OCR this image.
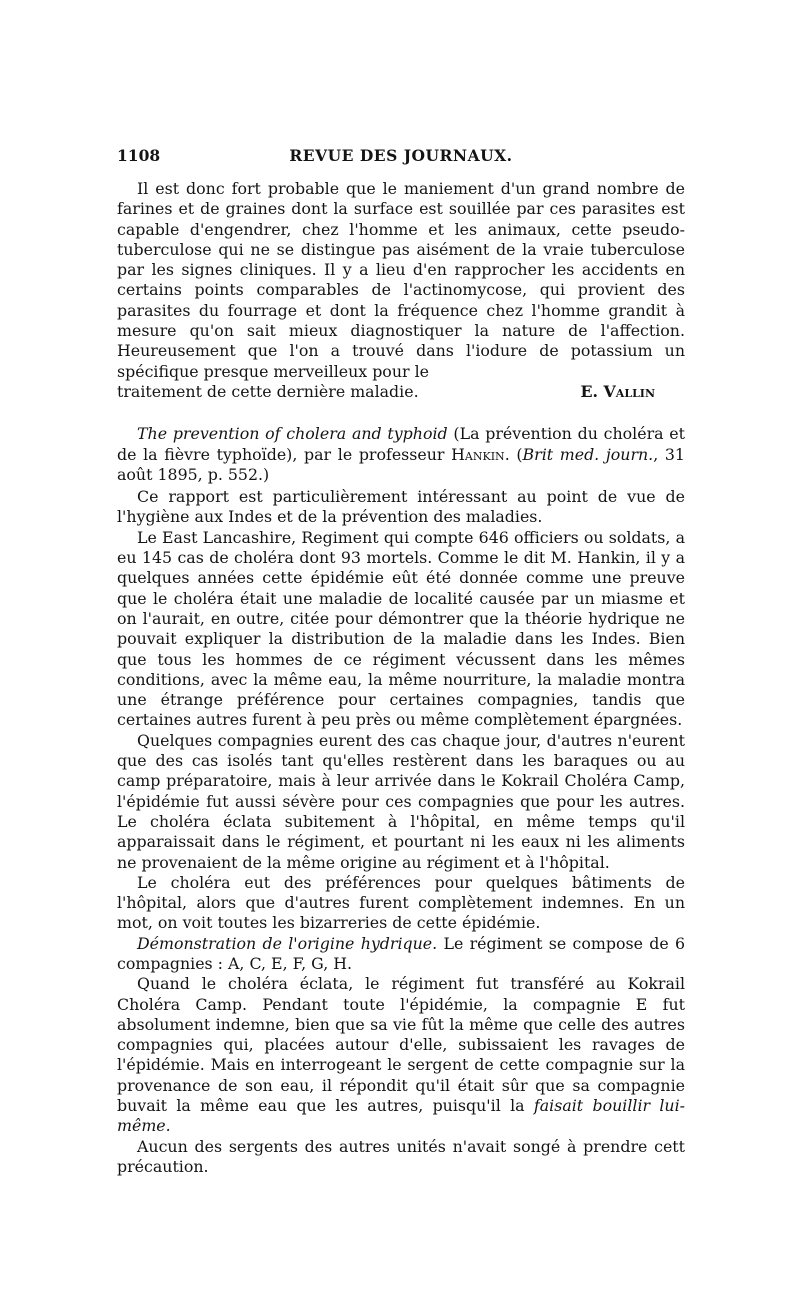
1108	REVUE DES JOURNAUX.

Il est donc fort probable que le maniement d'un grand nombre de farines et de graines dont la surface est souillée par ces parasites est capable d'engendrer, chez l'homme et les animaux, cette pseudo-tuberculose qui ne se distingue pas aisément de la vraie tuberculose par les signes cliniques. Il y a lieu d'en rapprocher les accidents en certains points comparables de l'actinomycose, qui provient des parasites du fourrage et dont la fréquence chez l'homme grandit à mesure qu'on sait mieux diagnostiquer la nature de l'affection. Heureusement que l'on a trouvé dans l'iodure de potassium un spécifique presque merveilleux pour le

traitement de cette dernière maladie.	E. Vallin

The prevention of cholera and typhoid (La prévention du choléra et de la fièvre typhoïde), par le professeur Hankin. (Brit med. journ., 31 août 1895, p. 552.)

Ce rapport est particulièrement intéressant au point de vue de l'hygiène aux Indes et de la prévention des maladies.

Le East Lancashire, Regiment qui compte 646 officiers ou soldats, a eu 145 cas de choléra dont 93 mortels. Comme le dit M. Hankin, il y a quelques années cette épidémie eût été donnée comme une preuve que le choléra était une maladie de localité causée par un miasme et on l'aurait, en outre, citée pour démontrer que la théorie hydrique ne pouvait expliquer la distribution de la maladie dans les Indes. Bien que tous les hommes de ce régiment vécussent dans les mêmes conditions, avec la même eau, la même nourriture, la maladie montra une étrange préférence pour certaines compagnies, tandis que certaines autres furent à peu près ou même complètement épargnées.

Quelques compagnies eurent des cas chaque jour, d'autres n'eurent que des cas isolés tant qu'elles restèrent dans les baraques ou au camp préparatoire, mais à leur arrivée dans le Kokrail Choléra Camp, l'épidémie fut aussi sévère pour ces compagnies que pour les autres. Le choléra éclata subitement à l'hôpital, en même temps qu'il apparaissait dans le régiment, et pourtant ni les eaux ni les aliments ne provenaient de la même origine au régiment et à l'hôpital.

Le choléra eut des préférences pour quelques bâtiments de l'hôpital, alors que d'autres furent complètement indemnes. En un mot, on voit toutes les bizarreries de cette épidémie.

Démonstration de l'origine hydrique. Le régiment se compose de 6 compagnies : A, C, E, F, G, H.

Quand le choléra éclata, le régiment fut transféré au Kokrail Choléra Camp. Pendant toute l'épidémie, la compagnie E fut absolument indemne, bien que sa vie fût la même que celle des autres compagnies qui, placées autour d'elle, subissaient les ravages de l'épidémie. Mais en interrogeant le sergent de cette compagnie sur la provenance de son eau, il répondit qu'il était sûr que sa compagnie buvait la même eau que les autres, puisqu'il la faisait bouillir lui-même.

Aucun des sergents des autres unités n'avait songé à prendre cett précaution.
